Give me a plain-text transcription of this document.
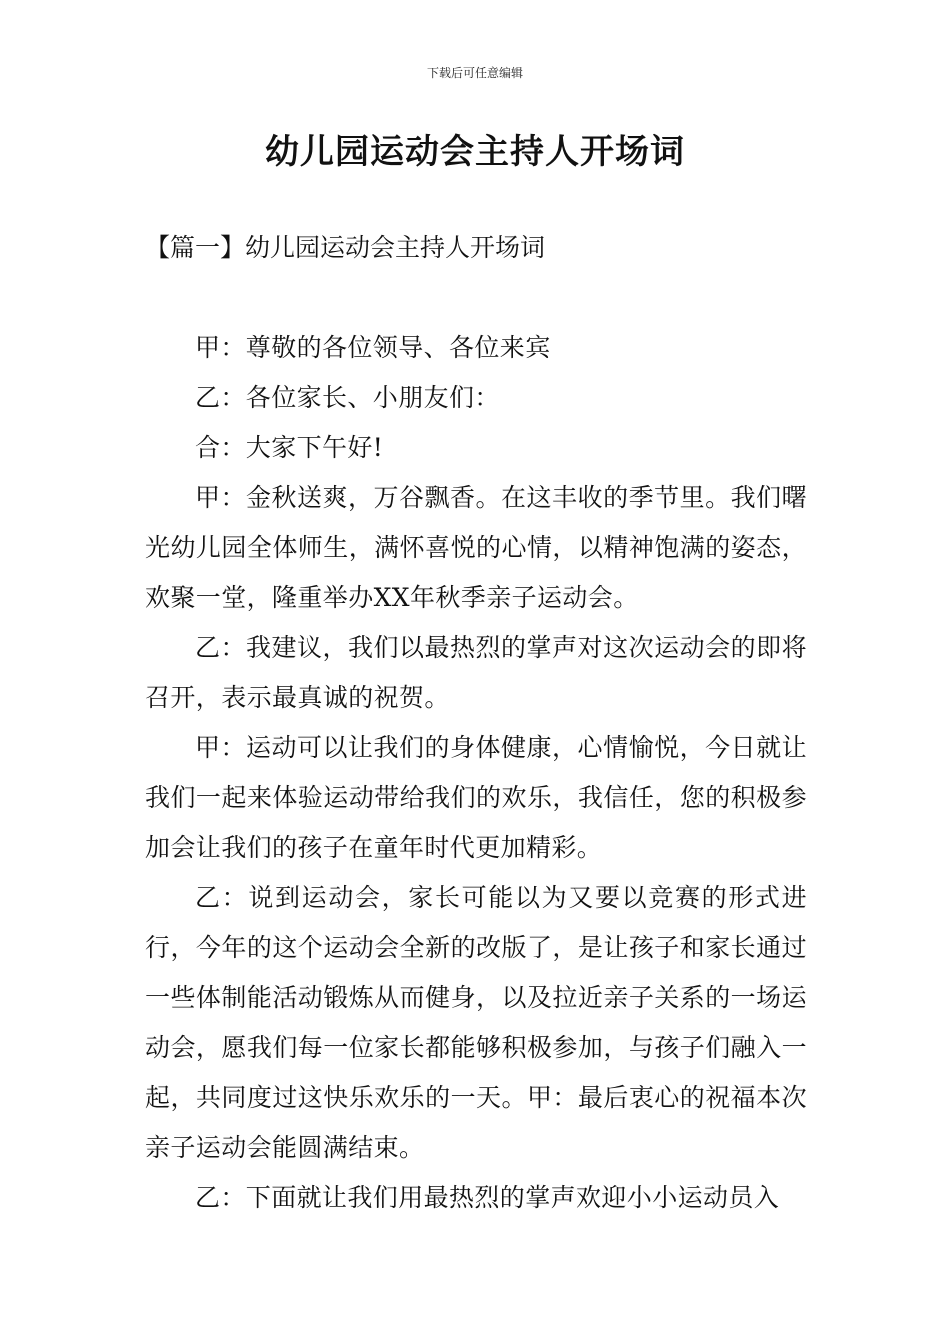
下载后可任意编辑
幼儿园运动会主持人开场词
【篇一】幼儿园运动会主持人开场词

甲：尊敬的各位领导、各位来宾

乙：各位家长、小朋友们：

合：大家下午好!

甲：金秋送爽，万谷飘香。在这丰收的季节里。我们曙光幼儿园全体师生，满怀喜悦的心情，以精神饱满的姿态，欢聚一堂，隆重举办XX年秋季亲子运动会。

乙：我建议，我们以最热烈的掌声对这次运动会的即将召开，表示最真诚的祝贺。

甲：运动可以让我们的身体健康，心情愉悦，今日就让我们一起来体验运动带给我们的欢乐，我信任，您的积极参加会让我们的孩子在童年时代更加精彩。

乙：说到运动会，家长可能以为又要以竞赛的形式进行，今年的这个运动会全新的改版了，是让孩子和家长通过一些体制能活动锻炼从而健身，以及拉近亲子关系的一场运动会，愿我们每一位家长都能够积极参加，与孩子们融入一起，共同度过这快乐欢乐的一天。甲：最后衷心的祝福本次亲子运动会能圆满结束。

乙：下面就让我们用最热烈的掌声欢迎小小运动员入
